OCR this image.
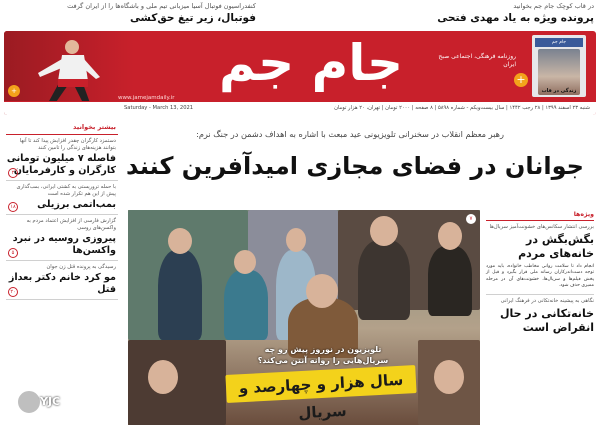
در قاب کوچک جام جم بخوانید
پرونده ویژه به یاد مهدی فتحی
کنفدراسیون فوتبال آسیا میزبانی تیم ملی و باشگاه‌ها را از ایران گرفت
فوتبال، زیر تیغ حق‌کشی
+	جام جم
www.jamejamdaily.ir
روزنامه فرهنگی، اجتماعی صبح ایران
+
جام جم
زندگی در قاب
شنبه ۲۳ اسفند ۱۳۹۹ | ۲۸ رجب ۱۴۴۲ | سال بیست‌ویکم - شماره ۵۸۹۸ | ۸ صفحه | ۲۰۰۰ تومان | تهران، ۲۰ هزار تومان
Saturday - March 13, 2021
رهبر معظم انقلاب در سخنرانی تلویزیونی عید مبعث با اشاره به اهداف دشمن در جنگ نرم:
جوانان در فضای مجازی امیدآفرین کنند
بیشتر بخوانید
دستمزد کارگران چقدر افزایش پیدا کند تا آنها بتوانند هزینه‌های زندگی را تامین کنند
فاصله ۷ میلیون تومانی کارگران و کارفرمایان
۲
با حمله تروریستی به کشتی ایرانی، بمب‌گذاری پیش از این هم تکرار شده است
بمب‌اتمی برزیلی
۱۸
گزارش فارسی از افزایش اعتماد مردم به واکسن‌های روسی
پیروزی روسیه در نبرد واکسن‌ها
۵
رسیدگی به پرونده قتل زن جوان
مو کرد خانم دکتر بعداز قتل
۲۰
تلویزیون در نوروز پیش رو چه سریال‌هایی را روانه آنتن می‌کند؟
سال هزار و چهارصد و سریال
۷
ویژه‌ها
بررسی انتشار سکانس‌های خشونت‌آمیز سریال‌ها
بگش‌بگش در خانه‌های مردم
انجام داد تا سلامت روانی مخاطب خانواده، باید مورد توجه دست‌اندرکاران رسانه ملی قرار بگیرد و قبل از پخش فیلم‌ها و سریال‌ها، خشونت‌های آن در مرحله ممیزی حذف شود.
نگاهی به پیشینه خانه‌تکانی در فرهنگ ایرانی
خانه‌تکانی در حال انقراض است
YJC
